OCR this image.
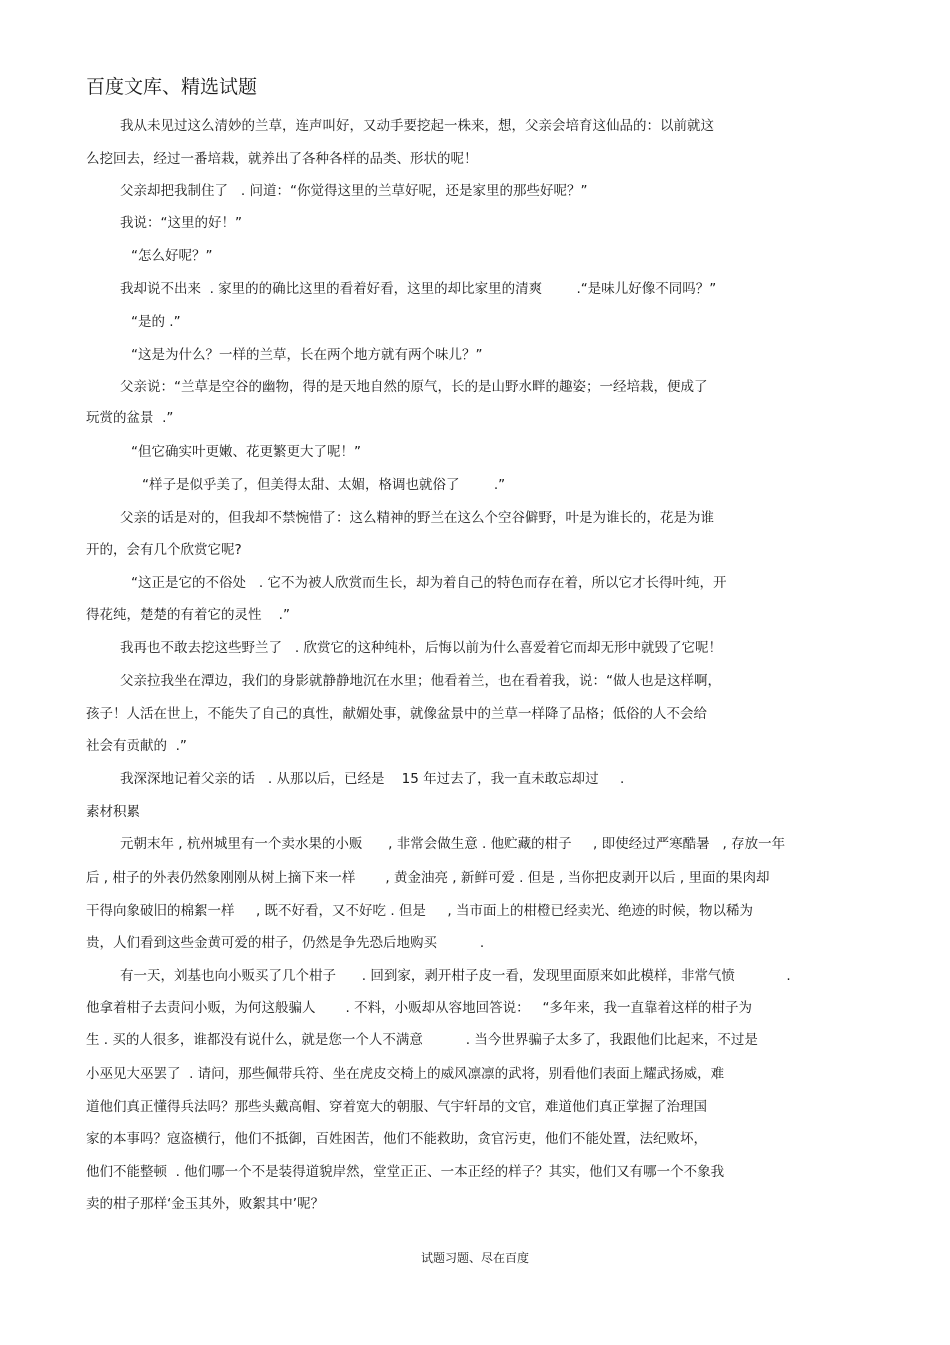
百度文库、精选试题
我从未见过这么清妙的兰草，连声叫好，又动手要挖起一株来，想，父亲会培育这仙品的：以前就这
么挖回去，经过一番培栽，就养出了各种各样的品类、形状的呢！
父亲却把我制住了   . 问道：“你觉得这里的兰草好呢，还是家里的那些好呢？”
我说：“这里的好！”
“怎么好呢？”
我却说不出来  . 家里的的确比这里的看着好看，这里的却比家里的清爽        .“是味儿好像不同吗？”
“是的 .”
“这是为什么？一样的兰草，长在两个地方就有两个味儿？”
父亲说：“兰草是空谷的幽物，得的是天地自然的原气，长的是山野水畔的趣姿；一经培栽，便成了
玩赏的盆景  .”
“但它确实叶更嫩、花更繁更大了呢！”
“样子是似乎美了，但美得太甜、太媚，格调也就俗了        .”
父亲的话是对的，但我却不禁惋惜了：这么精神的野兰在这么个空谷僻野，叶是为谁长的，花是为谁
开的，会有几个欣赏它呢?
“这正是它的不俗处   . 它不为被人欣赏而生长，却为着自己的特色而存在着，所以它才长得叶纯，开
得花纯，楚楚的有着它的灵性    .”
我再也不敢去挖这些野兰了   . 欣赏它的这种纯朴，后悔以前为什么喜爱着它而却无形中就毁了它呢！
父亲拉我坐在潭边，我们的身影就静静地沉在水里；他看着兰，也在看着我，说：“做人也是这样啊，
孩子！人活在世上，不能失了自己的真性，献媚处事，就像盆景中的兰草一样降了品格；低俗的人不会给
社会有贡献的  .”
我深深地记着父亲的话   . 从那以后，已经是    15 年过去了，我一直未敢忘却过     .
素材积累
元朝末年 , 杭州城里有一个卖水果的小贩      , 非常会做生意 . 他贮藏的柑子     , 即使经过严寒酷暑   , 存放一年
后 , 柑子的外表仍然象刚刚从树上摘下来一样       , 黄金油亮 , 新鲜可爱 . 但是 , 当你把皮剥开以后 , 里面的果肉却
干得向象破旧的棉絮一样     , 既不好看，又不好吃 . 但是     , 当市面上的柑橙已经卖光、绝迹的时候，物以稀为
贵，人们看到这些金黄可爱的柑子，仍然是争先恐后地购买          .
有一天，刘基也向小贩买了几个柑子      . 回到家，剥开柑子皮一看，发现里面原来如此模样，非常气愤            .
他拿着柑子去责问小贩，为何这般骗人       . 不料，小贩却从容地回答说：   “多年来，我一直靠着这样的柑子为
生 . 买的人很多，谁都没有说什么，就是您一个人不满意          . 当今世界骗子太多了，我跟他们比起来，不过是
小巫见大巫罢了  . 请问，那些佩带兵符、坐在虎皮交椅上的威风凛凛的武将，别看他们表面上耀武扬威，难
道他们真正懂得兵法吗？那些头戴高帽、穿着宽大的朝服、气宇轩昂的文官，难道他们真正掌握了治理国
家的本事吗？寇盗横行，他们不抵御，百姓困苦，他们不能救助，贪官污吏，他们不能处置，法纪败坏，
他们不能整顿  . 他们哪一个不是装得道貌岸然，堂堂正正、一本正经的样子？其实，他们又有哪一个不象我
卖的柑子那样‘金玉其外，败絮其中’呢？
试题习题、尽在百度
